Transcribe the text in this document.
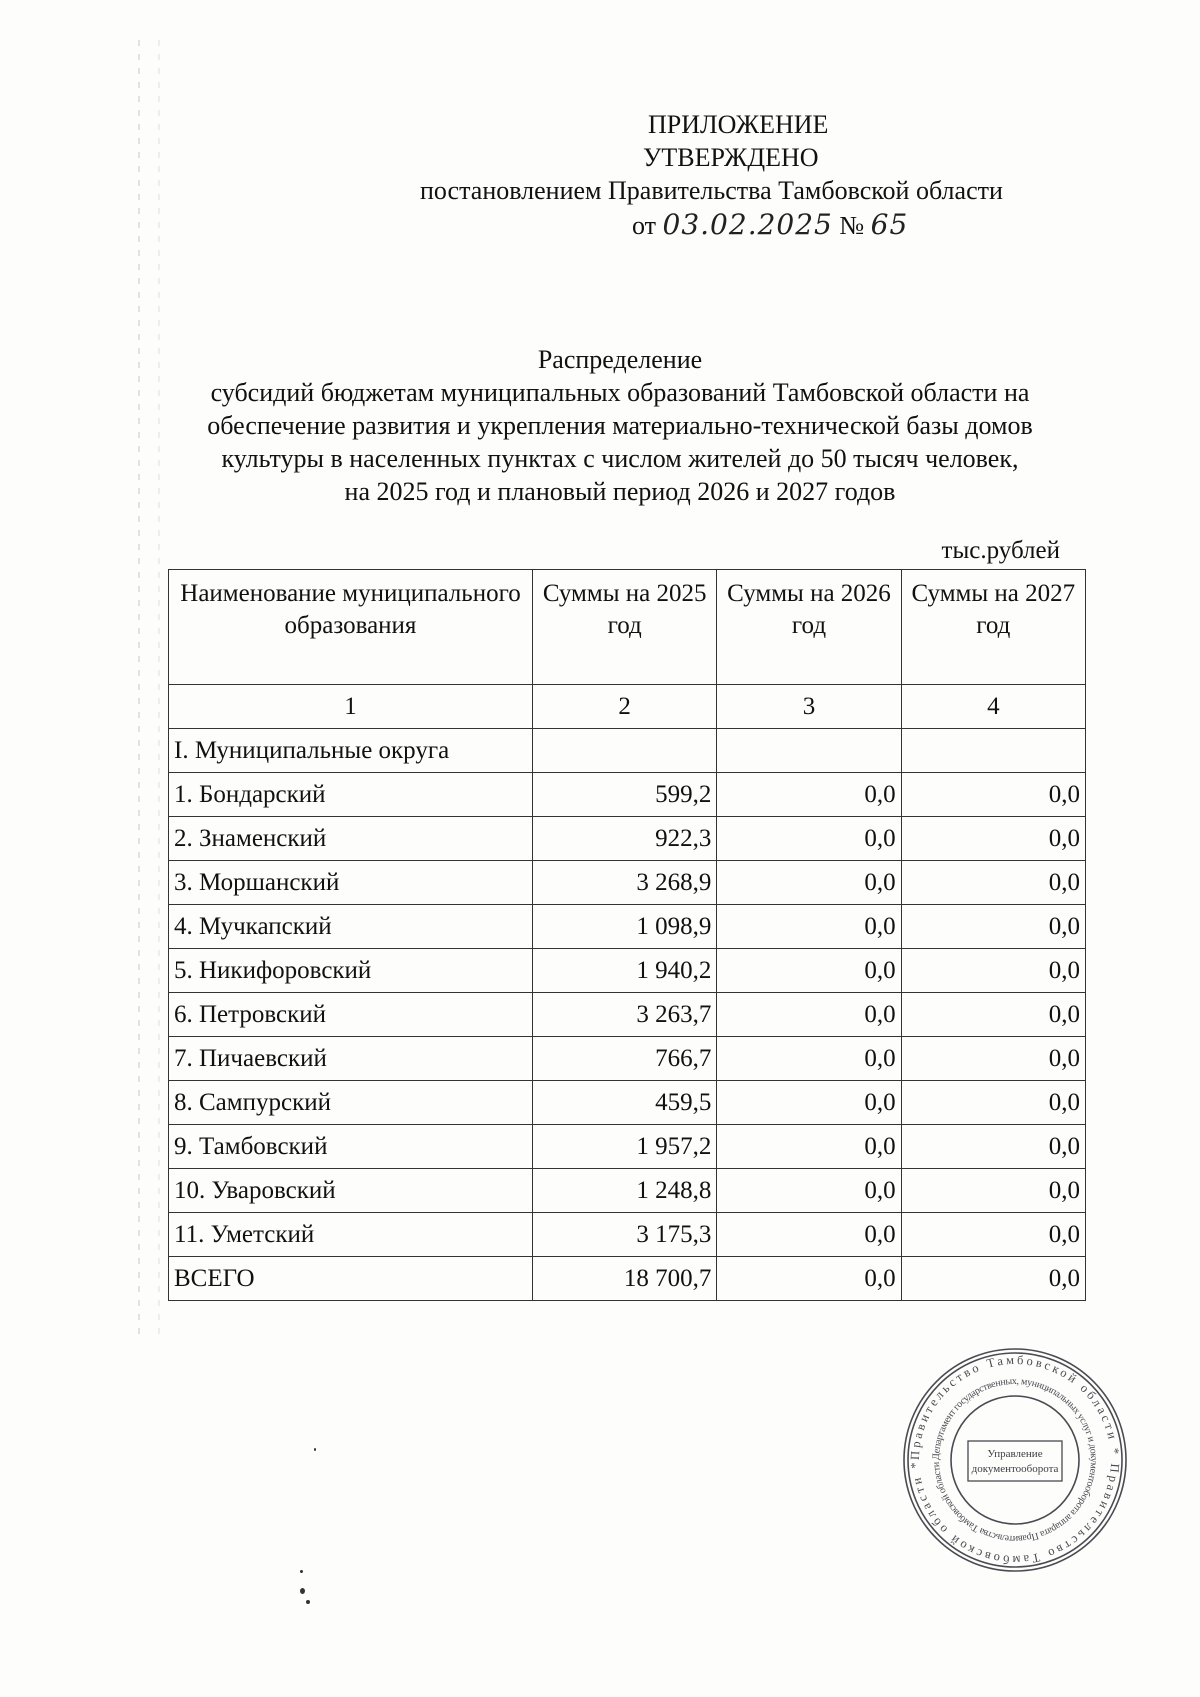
ПРИЛОЖЕНИЕ
УТВЕРЖДЕНО
постановлением Правительства Тамбовской области
от 03.02.2025 № 65
Распределение
субсидий бюджетам муниципальных образований Тамбовской области на
обеспечение развития и укрепления материально-технической базы домов
культуры в населенных пунктах с числом жителей до 50 тысяч человек,
на 2025 год и плановый период 2026 и 2027 годов
тыс.рублей
Наименование муниципального образования	Суммы на 2025 год	Суммы на 2026 год	Суммы на 2027 год
1	2	3	4
I. Муниципальные округа			
1. Бондарский	599,2	0,0	0,0
2. Знаменский	922,3	0,0	0,0
3. Моршанский	3 268,9	0,0	0,0
4. Мучкапский	1 098,9	0,0	0,0
5. Никифоровский	1 940,2	0,0	0,0
6. Петровский	3 263,7	0,0	0,0
7. Пичаевский	766,7	0,0	0,0
8. Сампурский	459,5	0,0	0,0
9. Тамбовский	1 957,2	0,0	0,0
10. Уваровский	1 248,8	0,0	0,0
11. Уметский	3 175,3	0,0	0,0
ВСЕГО	18 700,7	0,0	0,0
Правительство Тамбовской области * Правительство Тамбовской области *
Департамент государственных, муниципальных услуг и документооборота аппарата Правительства Тамбовской области
Управление
документооборота
